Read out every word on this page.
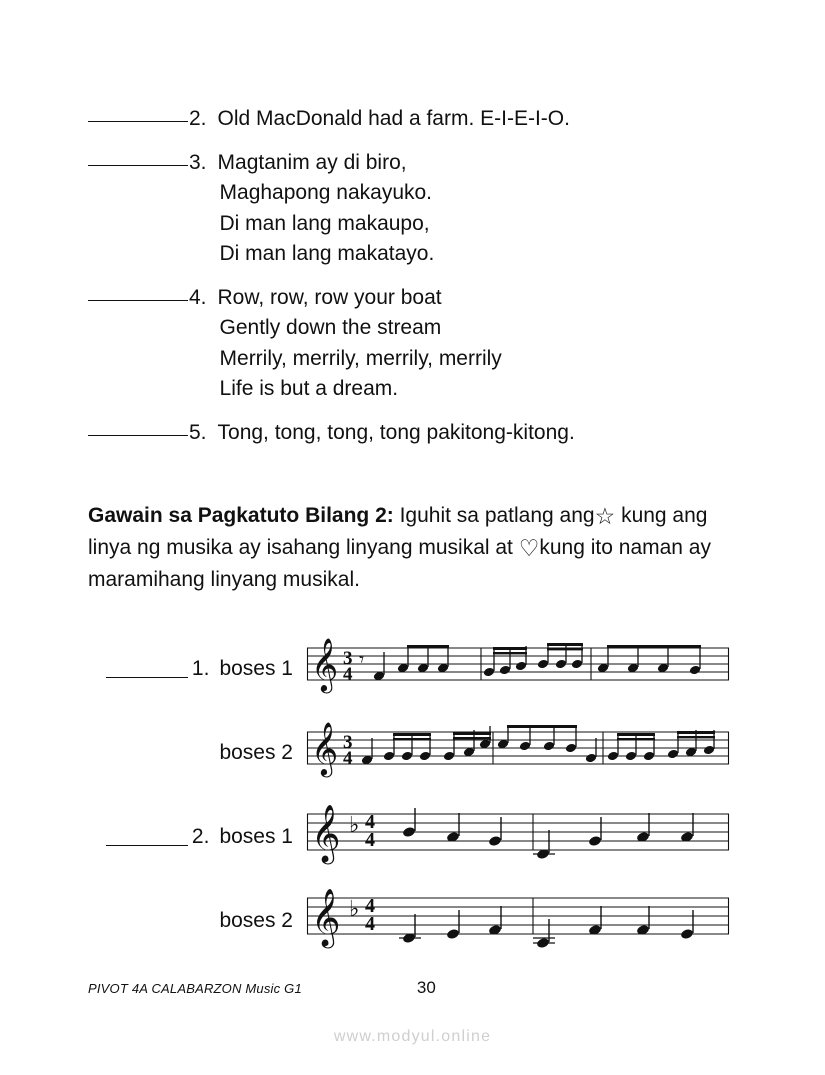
2. Old MacDonald had a farm. E-I-E-I-O.
3. Magtanim ay di biro,
Maghapong nakayuko.
Di man lang makaupo,
Di man lang makatayo.
4. Row, row, row your boat
Gently down the stream
Merrily, merrily, merrily, merrily
Life is but a dream.
5. Tong, tong, tong, tong pakitong-kitong.
Gawain sa Pagkatuto Bilang 2: Iguhit sa patlang ang☆ kung ang linya ng musika ay isahang linyang musikal at ♡kung ito naman ay maramihang linyang musikal.
1. boses 1 𝄞 3
4
𝄾
boses 2 𝄞 3
4
2. boses 1 𝄞 ♭ 4
4
boses 2 𝄞 ♭ 4
4
PIVOT 4A CALABARZON Music G1	30
www.modyul.online
